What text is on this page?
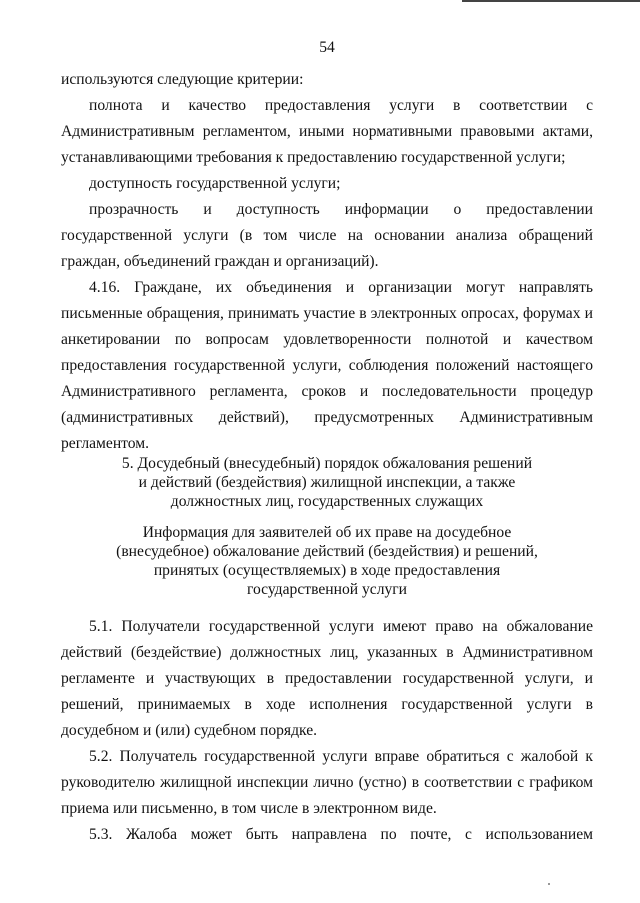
54

используются следующие критерии:

полнота и качество предоставления услуги в соответствии с Административным регламентом, иными нормативными правовыми актами, устанавливающими требования к предоставлению государственной услуги;

доступность государственной услуги;

прозрачность и доступность информации о предоставлении государственной услуги (в том числе на основании анализа обращений граждан, объединений граждан и организаций).

4.16. Граждане, их объединения и организации могут направлять письменные обращения, принимать участие в электронных опросах, форумах и анкетировании по вопросам удовлетворенности полнотой и качеством предоставления государственной услуги, соблюдения положений настоящего Административного регламента, сроков и последовательности процедур (административных действий), предусмотренных Административным регламентом.

5. Досудебный (внесудебный) порядок обжалования решений
и действий (бездействия) жилищной инспекции, а также
должностных лиц, государственных служащих
Информация для заявителей об их праве на досудебное
(внесудебное) обжалование действий (бездействия) и решений,
принятых (осуществляемых) в ходе предоставления
государственной услуги

5.1. Получатели государственной услуги имеют право на обжалование действий (бездействие) должностных лиц, указанных в Административном регламенте и участвующих в предоставлении государственной услуги, и решений, принимаемых в ходе исполнения государственной услуги в досудебном и (или) судебном порядке.

5.2. Получатель государственной услуги вправе обратиться с жалобой к руководителю жилищной инспекции лично (устно) в соответствии с графиком приема или письменно, в том числе в электронном виде.

5.3. Жалоба может быть направлена по почте, с использованием
